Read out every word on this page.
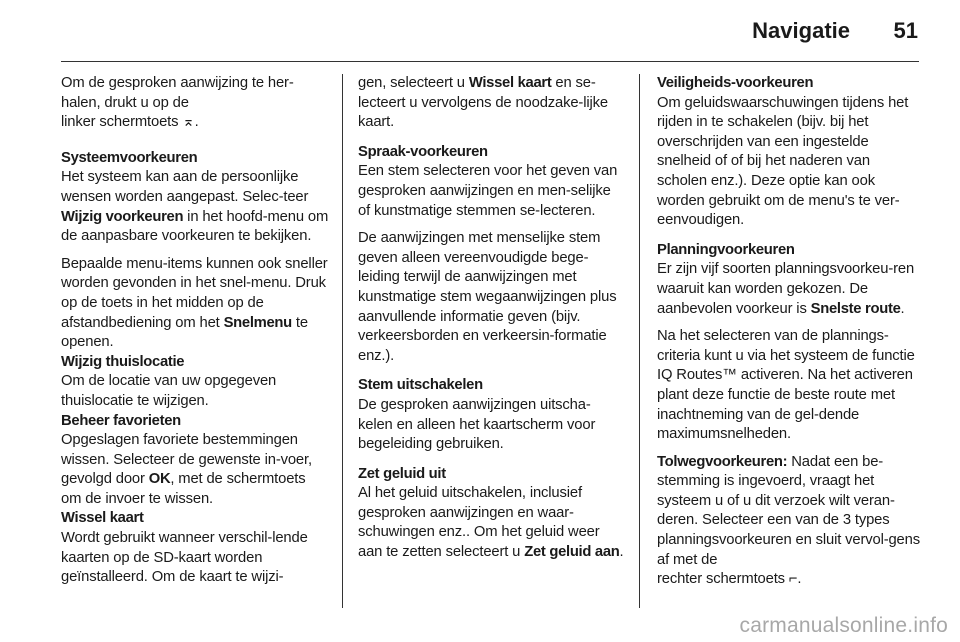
Navigatie 51

Om de gesproken aanwijzing te her-
halen, drukt u op de
linker schermtoets ⌅.

Systeemvoorkeuren

Het systeem kan aan de persoonlijke wensen worden aangepast. Selec-teer Wijzig voorkeuren in het hoofd-menu om de aanpasbare voorkeuren te bekijken.

Bepaalde menu-items kunnen ook sneller worden gevonden in het snel-menu. Druk op de toets in het midden op de afstandbediening om het Snelmenu te openen.

Wijzig thuislocatie

Om de locatie van uw opgegeven thuislocatie te wijzigen.

Beheer favorieten

Opgeslagen favoriete bestemmingen wissen. Selecteer de gewenste in-voer, gevolgd door OK, met de schermtoets om de invoer te wissen.

Wissel kaart

Wordt gebruikt wanneer verschil-lende kaarten op de SD-kaart worden geïnstalleerd. Om de kaart te wijzi-

gen, selecteert u Wissel kaart en se-lecteert u vervolgens de noodzake-lijke kaart.

Spraak-voorkeuren

Een stem selecteren voor het geven van gesproken aanwijzingen en men-selijke of kunstmatige stemmen se-lecteren.

De aanwijzingen met menselijke stem geven alleen vereenvoudigde bege-leiding terwijl de aanwijzingen met kunstmatige stem wegaanwijzingen plus aanvullende informatie geven (bijv. verkeersborden en verkeersin-formatie enz.).

Stem uitschakelen

De gesproken aanwijzingen uitscha-kelen en alleen het kaartscherm voor begeleiding gebruiken.

Zet geluid uit

Al het geluid uitschakelen, inclusief gesproken aanwijzingen en waar-schuwingen enz.. Om het geluid weer aan te zetten selecteert u Zet geluid aan.

Veiligheids-voorkeuren

Om geluidswaarschuwingen tijdens het rijden in te schakelen (bijv. bij het overschrijden van een ingestelde snelheid of of bij het naderen van scholen enz.). Deze optie kan ook worden gebruikt om de menu's te ver-eenvoudigen.

Planningvoorkeuren

Er zijn vijf soorten planningsvoorkeu-ren waaruit kan worden gekozen. De aanbevolen voorkeur is Snelste route.

Na het selecteren van de plannings-criteria kunt u via het systeem de functie IQ Routes™ activeren. Na het activeren plant deze functie de beste route met inachtneming van de gel-dende maximumsnelheden.

Tolwegvoorkeuren: Nadat een be-stemming is ingevoerd, vraagt het systeem u of u dit verzoek wilt veran-deren. Selecteer een van de 3 types planningsvoorkeuren en sluit vervol-gens af met de
rechter schermtoets ⌐.

carmanualsonline.info
